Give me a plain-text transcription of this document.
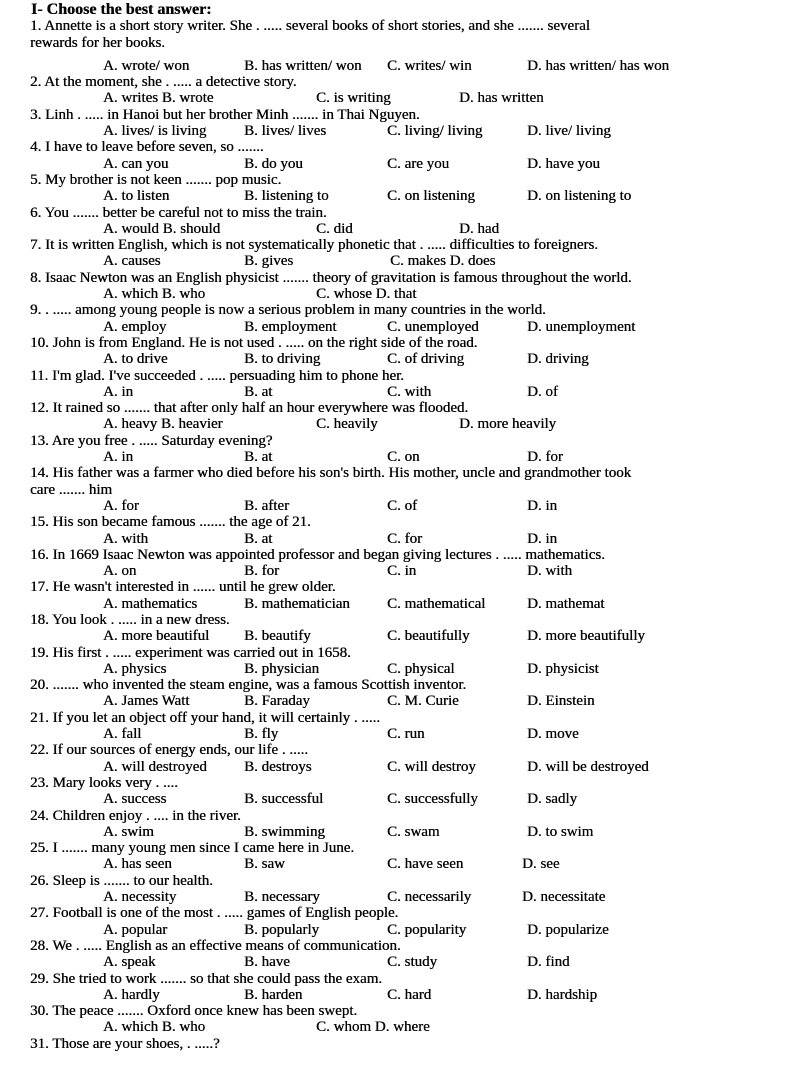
I- Choose the best answer:
1. Annette is a short story writer. She . ..... several books of short stories, and she ....... several
rewards for her books.
A. wrote/ won	B. has written/ won C. writes/ win	D. has written/ has won
2. At the moment, she . ..... a detective story.
A. writes B. wrote	C. is writing	D. has written
3. Linh . ..... in Hanoi but her brother Minh ....... in Thai Nguyen.
A. lives/ is living	B. lives/ lives	C. living/ living	D. live/ living
4. I have to leave before seven, so .......
A. can you	B. do you	C. are you	D. have you
5. My brother is not keen ....... pop music.
A. to listen	B. listening to	C. on listening	D. on listening to
6. You ....... better be careful not to miss the train.
A. would B. should	C. did	D. had
7. It is written English, which is not systematically phonetic that . ..... difficulties to foreigners.
A. causes	B. gives	C. makes D. does
8. Isaac Newton was an English physicist ....... theory of gravitation is famous throughout the world.
A. which B. who	C. whose D. that
9. . ..... among young people is now a serious problem in many countries in the world.
A. employ	B. employment	C. unemployed	D. unemployment
10. John is from England. He is not used . ..... on the right side of the road.
A. to drive	B. to driving	C. of driving	D. driving
11. I'm glad. I've succeeded . ..... persuading him to phone her.
A. in	B. at	C. with	D. of
12. It rained so ....... that after only half an hour everywhere was flooded.
A. heavy B. heavier	C. heavily	D. more heavily
13. Are you free . ..... Saturday evening?
A. in	B. at	C. on	D. for
14. His father was a farmer who died before his son's birth. His mother, uncle and grandmother took
care ....... him
A. for	B. after	C. of	D. in
15. His son became famous ....... the age of 21.
A. with	B. at	C. for	D. in
16. In 1669 Isaac Newton was appointed professor and began giving lectures . ..... mathematics.
A. on	B. for	C. in	D. with
17. He wasn't interested in ...... until he grew older.
A. mathematics	B. mathematician C. mathematical	D. mathemat
18. You look . ..... in a new dress.
A. more beautiful B. beautify	C. beautifully	D. more beautifully
19. His first . ..... experiment was carried out in 1658.
A. physics	B. physician	C. physical	D. physicist
20. ....... who invented the steam engine, was a famous Scottish inventor.
A. James Watt	B. Faraday	C. M. Curie	D. Einstein
21. If you let an object off your hand, it will certainly . .....
A. fall	B. fly	C. run	D. move
22. If our sources of energy ends, our life . .....
A. will destroyed B. destroys	C. will destroy	D. will be destroyed
23. Mary looks very . ....
A. success	B. successful	C. successfully	D. sadly
24. Children enjoy . .... in the river.
A. swim	B. swimming	C. swam	D. to swim
25. I ....... many young men since I came here in June.
A. has seen	B. saw	C. have seen	D. see
26. Sleep is ....... to our health.
A. necessity	B. necessary	C. necessarily	D. necessitate
27. Football is one of the most . ..... games of English people.
A. popular	B. popularly	C. popularity	D. popularize
28. We . ..... English as an effective means of communication.
A. speak	B. have	C. study	D. find
29. She tried to work ....... so that she could pass the exam.
A. hardly	B. harden	C. hard	D. hardship
30. The peace ....... Oxford once knew has been swept.
A. which B. who	C. whom D. where
31. Those are your shoes, . .....?
